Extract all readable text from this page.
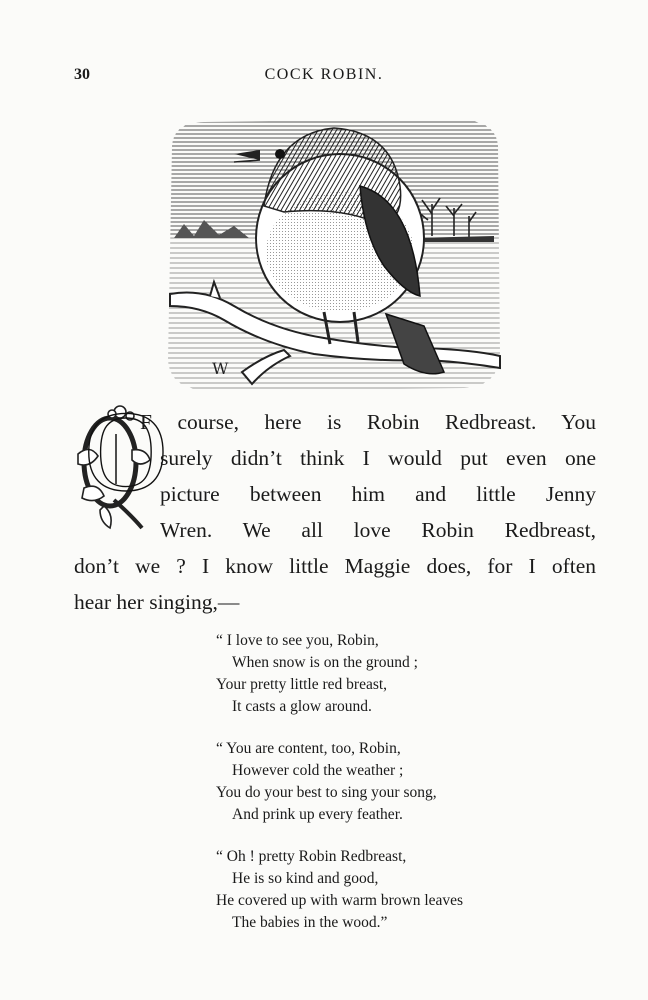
30	COCK ROBIN.
W
O
F course, here is Robin Redbreast. You
surely didn’t think I would put even one
picture between him and little Jenny
Wren. We all love Robin Redbreast,
don’t we ? I know little Maggie does, for I often
hear her singing,—
“ I love to see you, Robin,
When snow is on the ground ;
Your pretty little red breast,
It casts a glow around.
“ You are content, too, Robin,
However cold the weather ;
You do your best to sing your song,
And prink up every feather.
“ Oh ! pretty Robin Redbreast,
He is so kind and good,
He covered up with warm brown leaves
The babies in the wood.”
